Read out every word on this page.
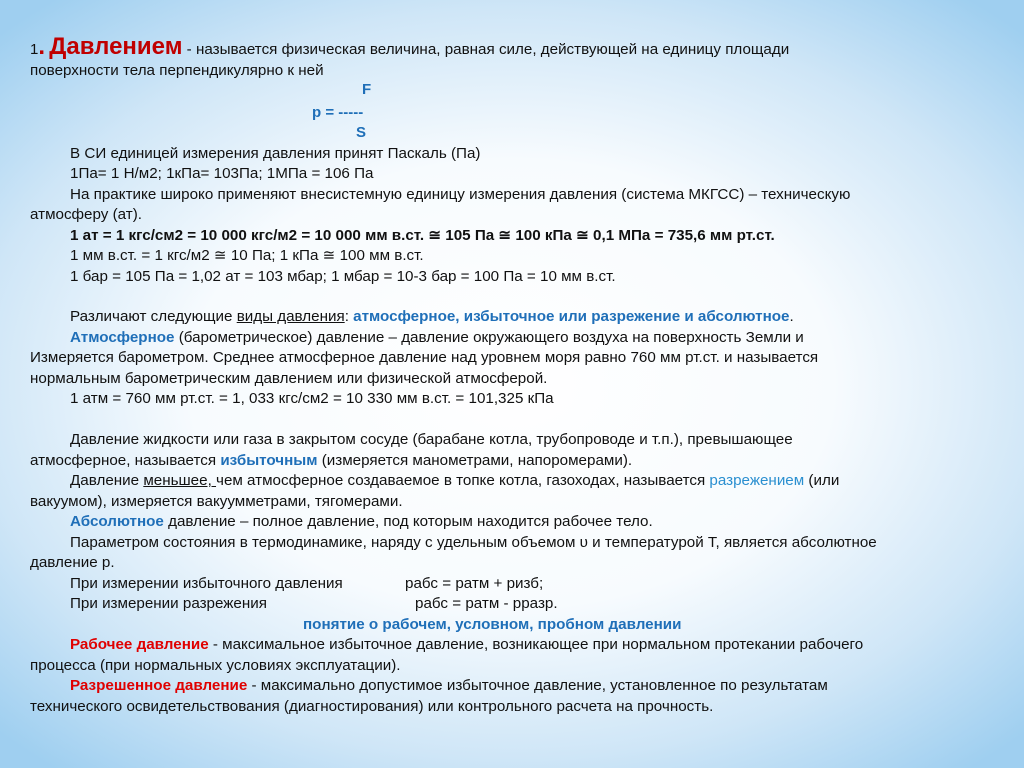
1. Давлением - называется физическая величина, равная силе, действующей на единицу площади
поверхности тела перпендикулярно к ней
F
p = -----
S
В СИ единицей измерения давления принят Паскаль (Па)
1Па= 1 Н/м2; 1кПа= 103Па; 1МПа = 106 Па
На практике широко применяют внесистемную единицу измерения давления (система МКГСС) – техническую
атмосферу (ат).
1 ат = 1 кгс/см2 = 10 000 кгс/м2 = 10 000 мм в.ст. ≅ 105 Па ≅ 100 кПа ≅ 0,1 МПа = 735,6 мм рт.ст.
1 мм в.ст. = 1 кгс/м2 ≅ 10 Па; 1 кПа ≅ 100 мм в.ст.
1 бар = 105 Па = 1,02 ат = 103 мбар; 1 мбар = 10-3 бар = 100 Па = 10 мм в.ст.
Различают следующие виды давления: атмосферное, избыточное или разрежение и абсолютное.
Атмосферное (барометрическое) давление – давление окружающего воздуха на поверхность Земли и
Измеряется барометром. Среднее атмосферное давление над уровнем моря равно 760 мм рт.ст. и называется
нормальным барометрическим давлением или физической атмосферой.
1 атм = 760 мм рт.ст. = 1, 033 кгс/см2 = 10 330 мм в.ст. = 101,325 кПа
Давление жидкости или газа в закрытом сосуде (барабане котла, трубопроводе и т.п.), превышающее
атмосферное, называется избыточным (измеряется манометрами, напоромерами).
Давление меньшее, чем атмосферное создаваемое в топке котла, газоходах, называется разрежением (или
вакуумом), измеряется вакуумметрами, тягомерами.
Абсолютное давление – полное давление, под которым находится рабочее тело.
Параметром состояния в термодинамике, наряду с удельным объемом υ и температурой Т, является абсолютное
давление р.
При измерении избыточного давления	рабс = ратм + ризб;
При измерении разрежения	рабс = ратм - рразр.
понятие о рабочем, условном, пробном давлении
Рабочее давление - максимальное избыточное давление, возникающее при нормальном протекании рабочего
процесса (при нормальных условиях эксплуатации).
Разрешенное давление - максимально допустимое избыточное давление, установленное по результатам
технического освидетельствования (диагностирования) или контрольного расчета на прочность.
